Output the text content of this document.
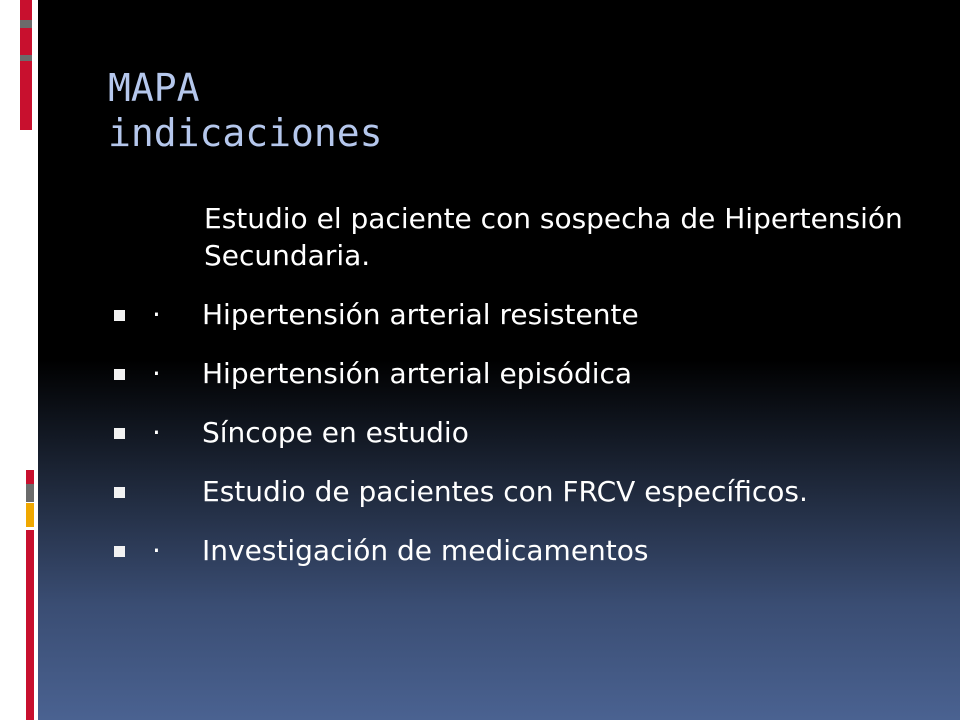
MAPA
indicaciones
Estudio el paciente con sospecha de Hipertensión Secundaria.
· Hipertensión arterial resistente
· Hipertensión arterial episódica
· Síncope en estudio
Estudio de pacientes con FRCV específicos.
· Investigación de medicamentos
